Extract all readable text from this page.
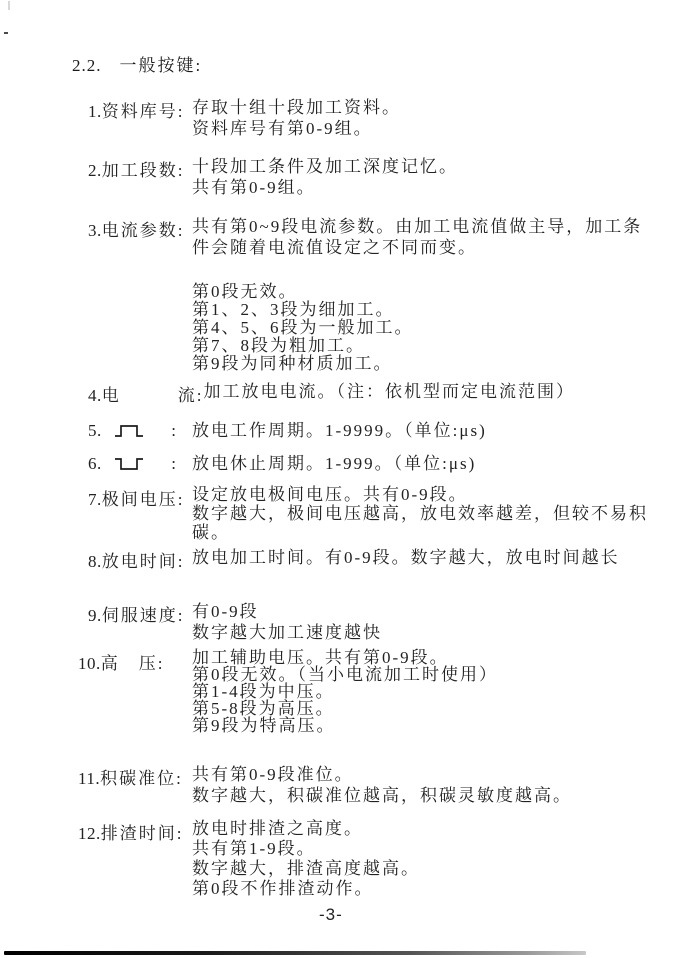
2.2. 一般按键:
1.资料库号: 存取十组十段加工资料。
资料库号有第0-9组。
2.加工段数: 十段加工条件及加工深度记忆。
共有第0-9组。
3.电流参数: 共有第0~9段电流参数。由加工电流值做主导，加工条
件会随着电流值设定之不同而变。
第0段无效。
第1、2、3段为细加工。
第4、5、6段为一般加工。
第7、8段为粗加工。
第9段为同种材质加工。
4.电　　　流: 加工放电电流。（注：依机型而定电流范围）
5.	: 放电工作周期。1-9999。（单位:μs)
6.	: 放电休止周期。1-999。（单位:μs)
7.极间电压: 设定放电极间电压。共有0-9段。
数字越大，极间电压越高，放电效率越差，但较不易积
碳。
8.放电时间: 放电加工时间。有0-9段。数字越大，放电时间越长
9.伺服速度: 有0-9段
数字越大加工速度越快
10.高　压:	加工辅助电压。共有第0-9段。
第0段无效。（当小电流加工时使用）
第1-4段为中压。
第5-8段为高压。
第9段为特高压。
11.积碳准位: 共有第0-9段准位。
数字越大，积碳准位越高，积碳灵敏度越高。
12.排渣时间: 放电时排渣之高度。
共有第1-9段。
数字越大，排渣高度越高。
第0段不作排渣动作。
-3-
